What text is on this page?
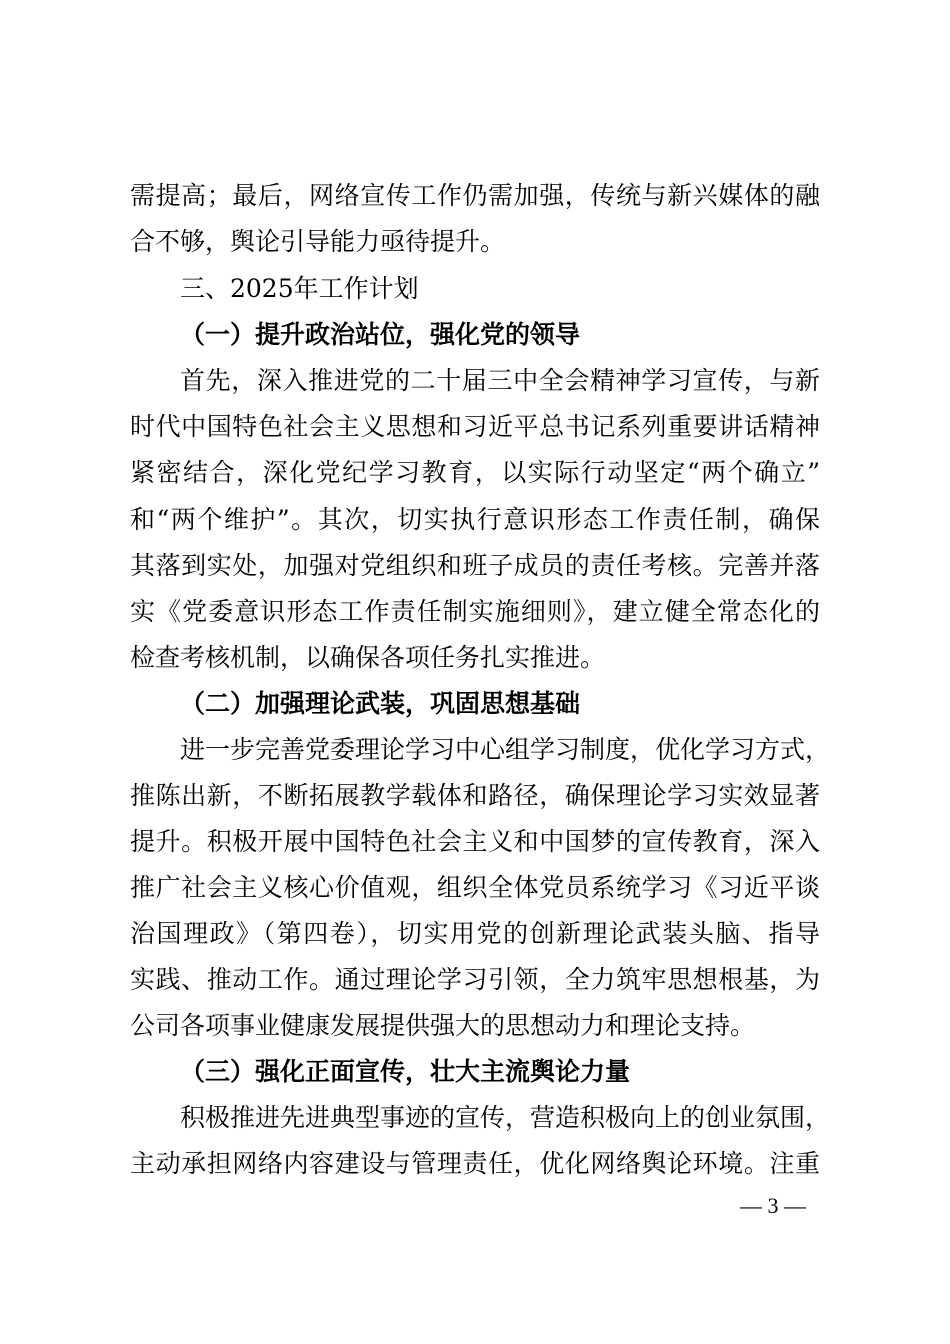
需提高；最后，网络宣传工作仍需加强，传统与新兴媒体的融
合不够，舆论引导能力亟待提升。
三、2025年工作计划
（一）提升政治站位，强化党的领导
首先，深入推进党的二十届三中全会精神学习宣传，与新
时代中国特色社会主义思想和习近平总书记系列重要讲话精神
紧密结合，深化党纪学习教育，以实际行动坚定“两个确立”
和“两个维护”。其次，切实执行意识形态工作责任制，确保
其落到实处，加强对党组织和班子成员的责任考核。完善并落
实《党委意识形态工作责任制实施细则》，建立健全常态化的
检查考核机制，以确保各项任务扎实推进。
（二）加强理论武装，巩固思想基础
进一步完善党委理论学习中心组学习制度，优化学习方式，
推陈出新，不断拓展教学载体和路径，确保理论学习实效显著
提升。积极开展中国特色社会主义和中国梦的宣传教育，深入
推广社会主义核心价值观，组织全体党员系统学习《习近平谈
治国理政》（第四卷），切实用党的创新理论武装头脑、指导
实践、推动工作。通过理论学习引领，全力筑牢思想根基，为
公司各项事业健康发展提供强大的思想动力和理论支持。
（三）强化正面宣传，壮大主流舆论力量
积极推进先进典型事迹的宣传，营造积极向上的创业氛围，
主动承担网络内容建设与管理责任，优化网络舆论环境。注重
— 3 —
